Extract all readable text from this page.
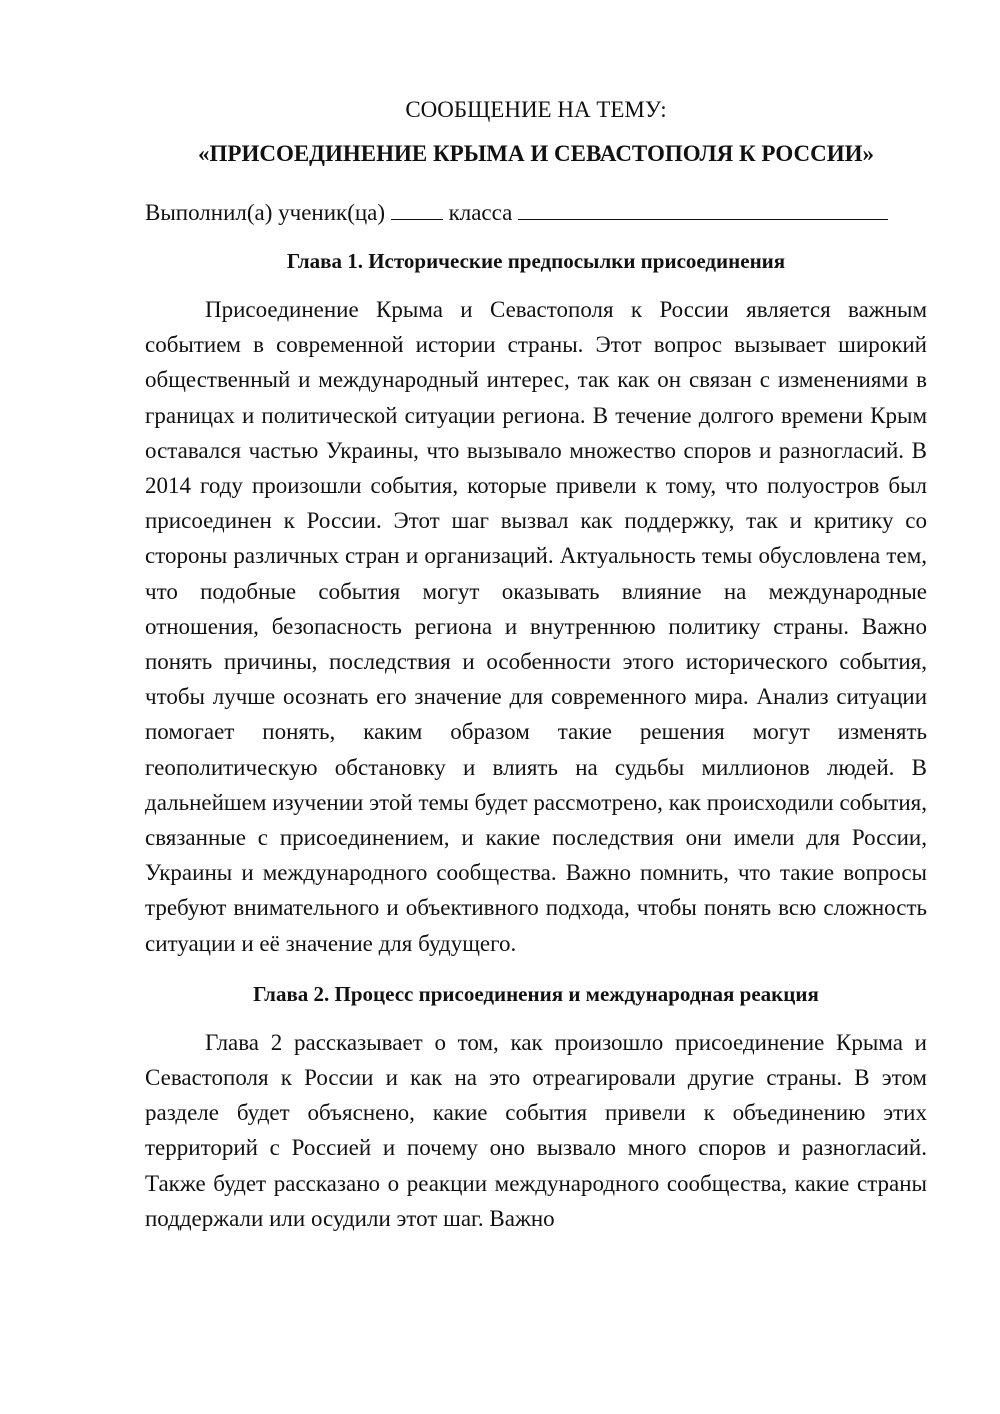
СООБЩЕНИЕ НА ТЕМУ:

«ПРИСОЕДИНЕНИЕ КРЫМА И СЕВАСТОПОЛЯ К РОССИИ»

Выполнил(а) ученик(ца)	класса

Глава 1. Исторические предпосылки присоединения

Присоединение Крыма и Севастополя к России является важным событием в современной истории страны. Этот вопрос вызывает широкий общественный и международный интерес, так как он связан с изменениями в границах и политической ситуации региона. В течение долгого времени Крым оставался частью Украины, что вызывало множество споров и разногласий. В 2014 году произошли события, которые привели к тому, что полуостров был присоединен к России. Этот шаг вызвал как поддержку, так и критику со стороны различных стран и организаций. Актуальность темы обусловлена тем, что подобные события могут оказывать влияние на международные отношения, безопасность региона и внутреннюю политику страны. Важно понять причины, последствия и особенности этого исторического события, чтобы лучше осознать его значение для современного мира. Анализ ситуации помогает понять, каким образом такие решения могут изменять геополитическую обстановку и влиять на судьбы миллионов людей. В дальнейшем изучении этой темы будет рассмотрено, как происходили события, связанные с присоединением, и какие последствия они имели для России, Украины и международного сообщества. Важно помнить, что такие вопросы требуют внимательного и объективного подхода, чтобы понять всю сложность ситуации и её значение для будущего.

Глава 2. Процесс присоединения и международная реакция

Глава 2 рассказывает о том, как произошло присоединение Крыма и Севастополя к России и как на это отреагировали другие страны. В этом разделе будет объяснено, какие события привели к объединению этих территорий с Россией и почему оно вызвало много споров и разногласий. Также будет рассказано о реакции международного сообщества, какие страны поддержали или осудили этот шаг. Важно
